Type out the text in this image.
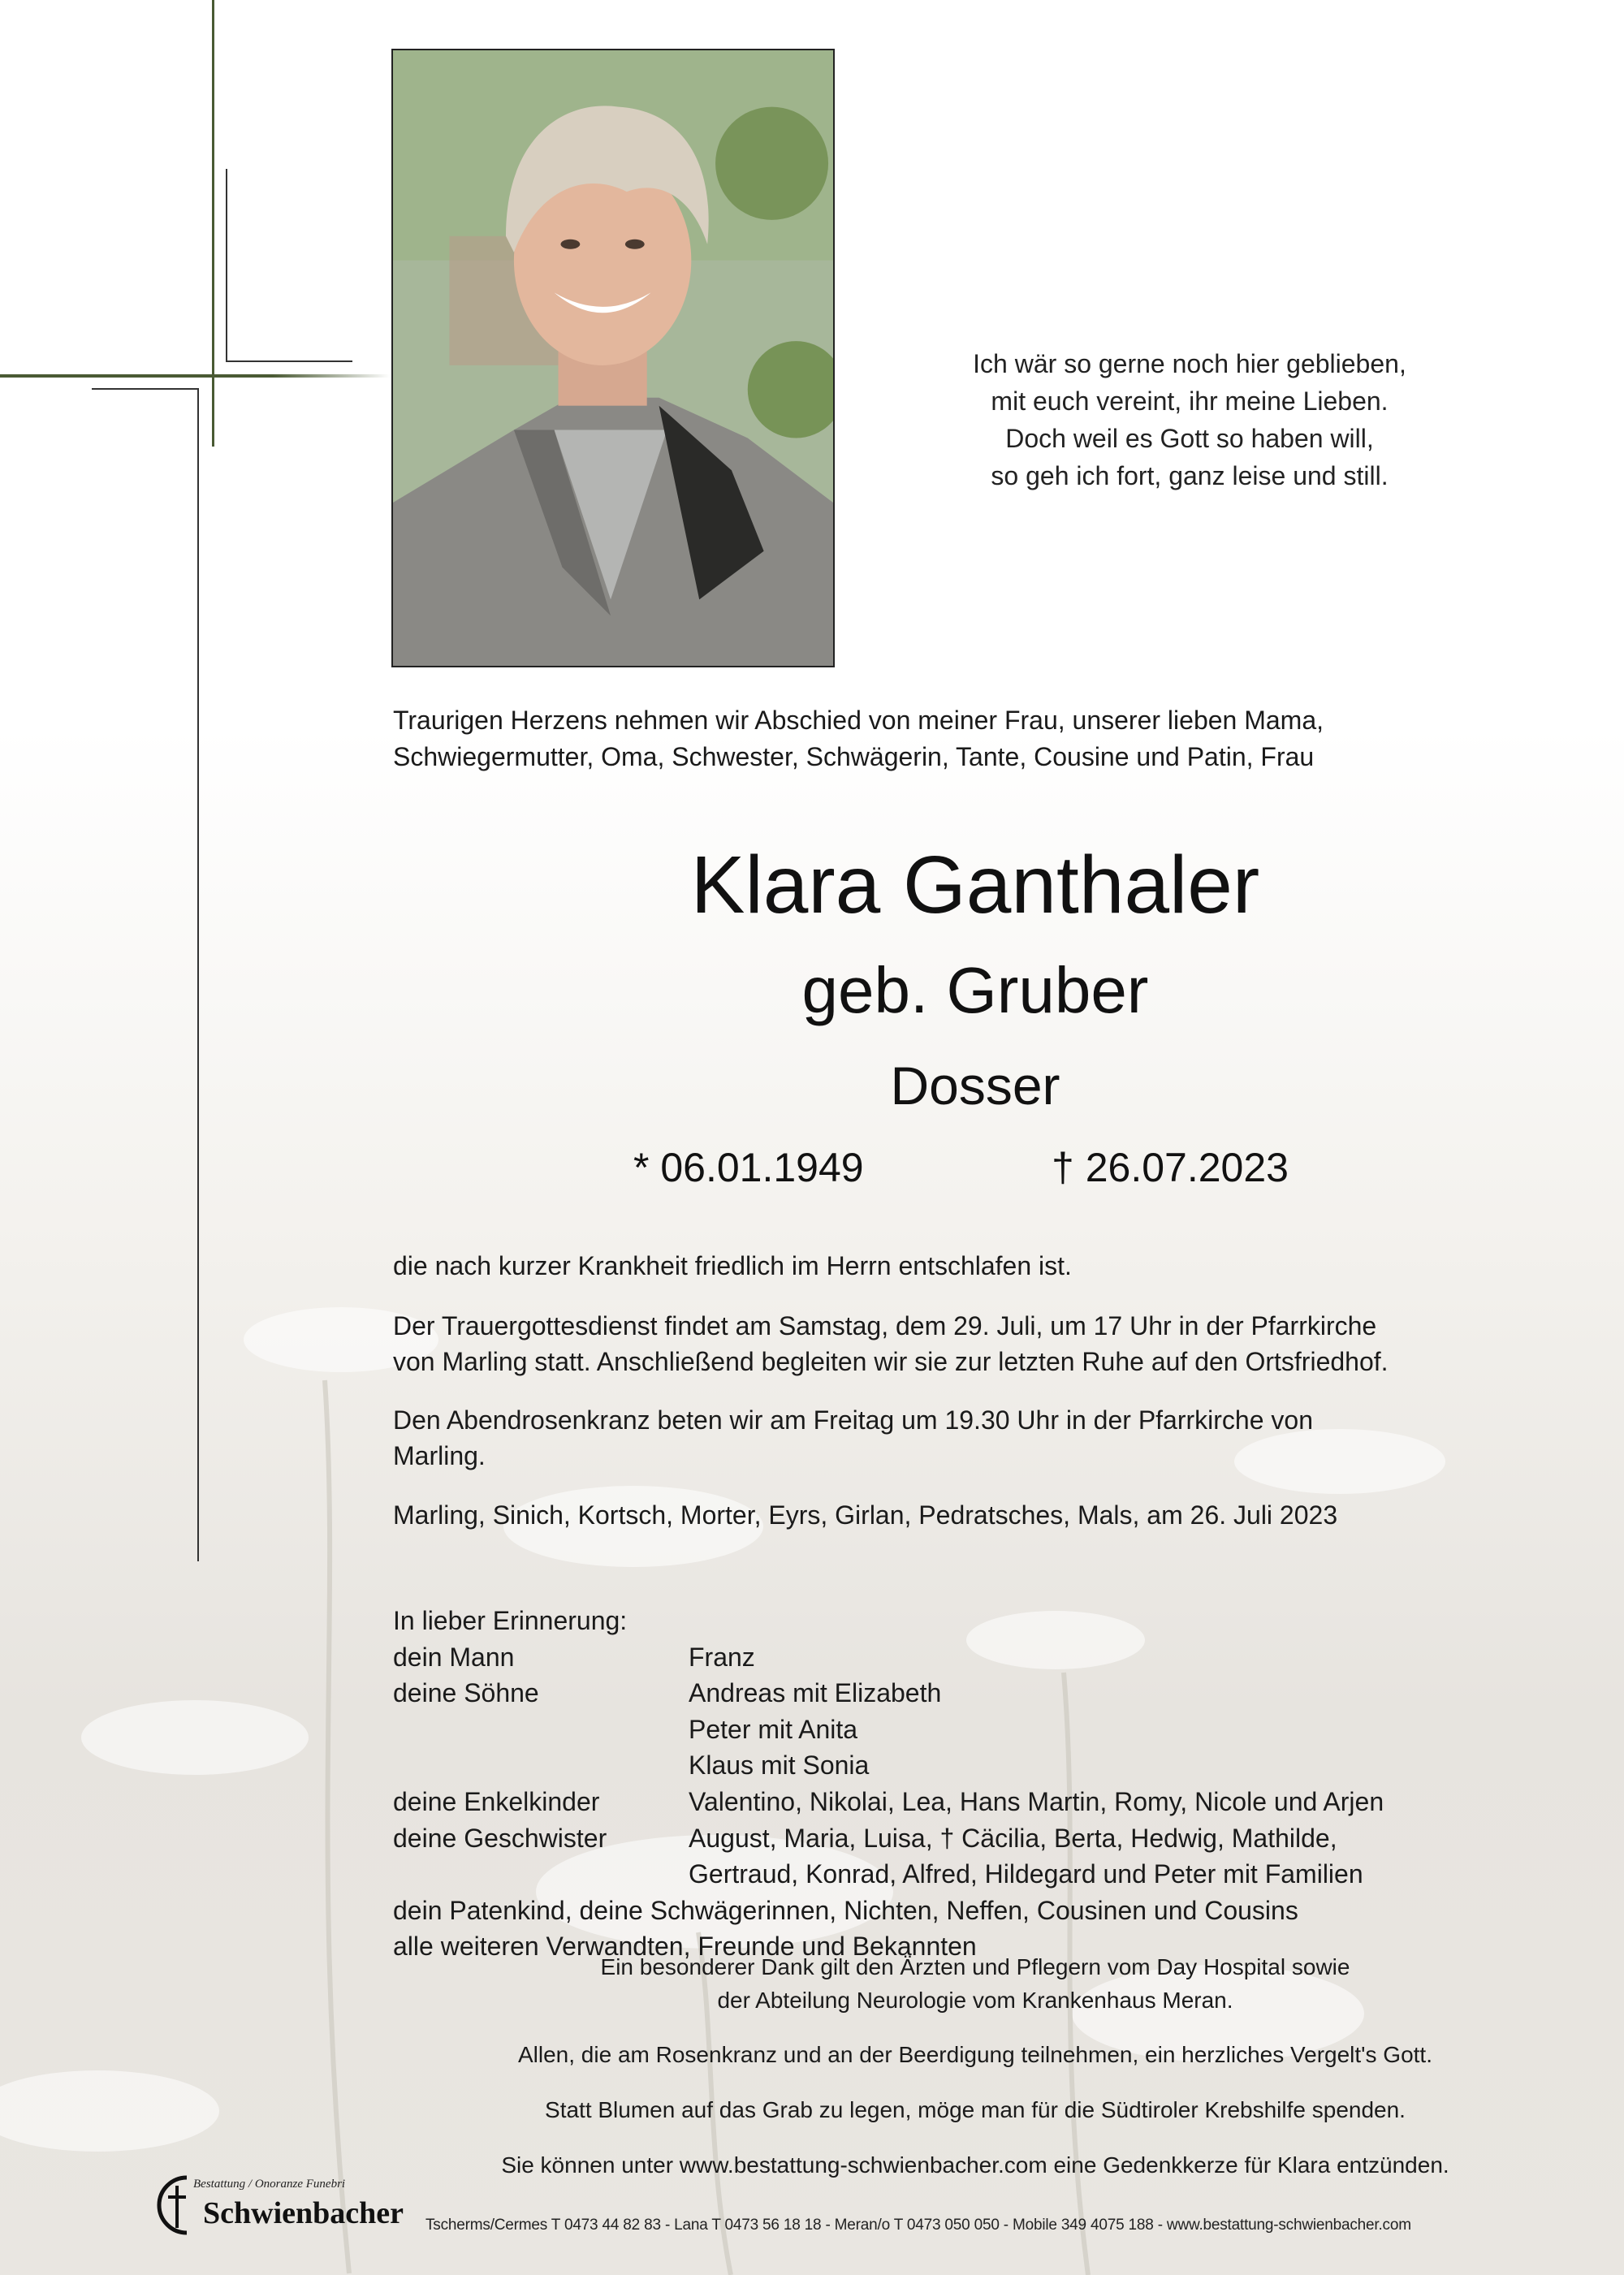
Ich wär so gerne noch hier geblieben,
mit euch vereint, ihr meine Lieben.
Doch weil es Gott so haben will,
so geh ich fort, ganz leise und still.
Traurigen Herzens nehmen wir Abschied von meiner Frau, unserer lieben Mama,
Schwiegermutter, Oma, Schwester, Schwägerin, Tante, Cousine und Patin, Frau
Klara Ganthaler
geb. Gruber
Dosser
* 06.01.1949	† 26.07.2023
die nach kurzer Krankheit friedlich im Herrn entschlafen ist.
Der Trauergottesdienst findet am Samstag, dem 29. Juli, um 17 Uhr in der Pfarrkirche
von Marling statt. Anschließend begleiten wir sie zur letzten Ruhe auf den Ortsfriedhof.
Den Abendrosenkranz beten wir am Freitag um 19.30 Uhr in der Pfarrkirche von
Marling.
Marling, Sinich, Kortsch, Morter, Eyrs, Girlan, Pedratsches, Mals, am 26. Juli 2023
In lieber Erinnerung:
dein Mann	Franz
deine Söhne	Andreas mit Elizabeth
Peter mit Anita
Klaus mit Sonia
deine Enkelkinder	Valentino, Nikolai, Lea, Hans Martin, Romy, Nicole und Arjen
deine Geschwister	August, Maria, Luisa, † Cäcilia, Berta, Hedwig, Mathilde,
Gertraud, Konrad, Alfred, Hildegard und Peter mit Familien
dein Patenkind, deine Schwägerinnen, Nichten, Neffen, Cousinen und Cousins
alle weiteren Verwandten, Freunde und Bekannten
Ein besonderer Dank gilt den Ärzten und Pflegern vom Day Hospital sowie
der Abteilung Neurologie vom Krankenhaus Meran.
Allen, die am Rosenkranz und an der Beerdigung teilnehmen, ein herzliches Vergelt's Gott.
Statt Blumen auf das Grab zu legen, möge man für die Südtiroler Krebshilfe spenden.
Sie können unter www.bestattung-schwienbacher.com eine Gedenkkerze für Klara entzünden.
Bestattung / Onoranze Funebri
Schwienbacher Tscherms/Cermes T 0473 44 82 83 - Lana T 0473 56 18 18 - Meran/o T 0473 050 050 - Mobile 349 4075 188 - www.bestattung-schwienbacher.com
